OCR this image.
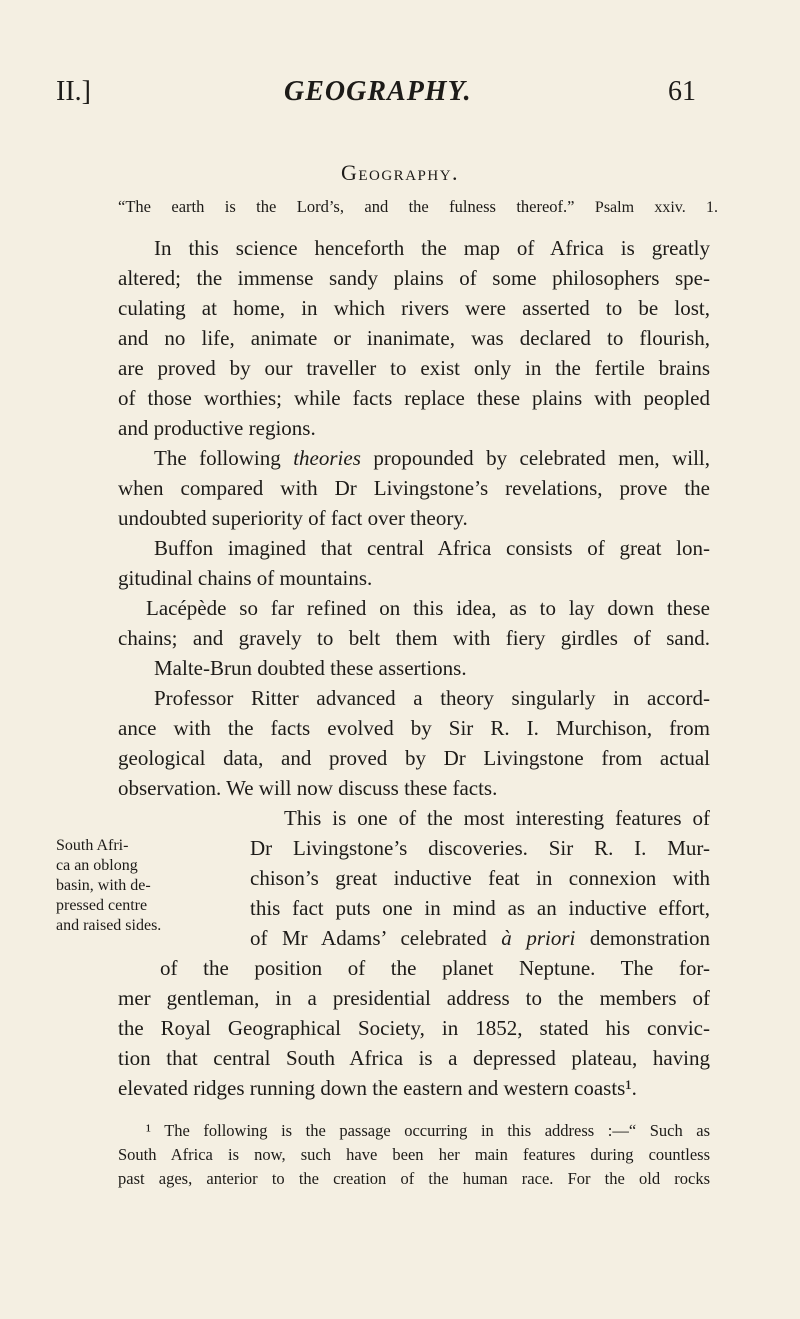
II.]	GEOGRAPHY.	61
Geography.
“The earth is the Lord’s, and the fulness thereof.” Psalm xxiv. 1.
In this science henceforth the map of Africa is greatly
altered; the immense sandy plains of some philosophers spe-
culating at home, in which rivers were asserted to be lost,
and no life, animate or inanimate, was declared to flourish,
are proved by our traveller to exist only in the fertile brains
of those worthies; while facts replace these plains with peopled
and productive regions.
The following theories propounded by celebrated men, will,
when compared with Dr Livingstone’s revelations, prove the
undoubted superiority of fact over theory.
Buffon imagined that central Africa consists of great lon-
gitudinal chains of mountains.
Lacépède so far refined on this idea, as to lay down these
chains; and gravely to belt them with fiery girdles of sand.
Malte-Brun doubted these assertions.
Professor Ritter advanced a theory singularly in accord-
ance with the facts evolved by Sir R. I. Murchison, from
geological data, and proved by Dr Livingstone from actual
observation. We will now discuss these facts.
This is one of the most interesting features of
Dr Livingstone’s discoveries. Sir R. I. Mur-
chison’s great inductive feat in connexion with
this fact puts one in mind as an inductive effort,
of Mr Adams’ celebrated à priori demonstration
of the position of the planet Neptune. The for-
mer gentleman, in a presidential address to the members of
the Royal Geographical Society, in 1852, stated his convic-
tion that central South Africa is a depressed plateau, having
elevated ridges running down the eastern and western coasts¹.
South Afri-
ca an oblong
basin, with de-
pressed centre
and raised sides.
¹ The following is the passage occurring in this address :—“ Such as
South Africa is now, such have been her main features during countless
past ages, anterior to the creation of the human race. For the old rocks
